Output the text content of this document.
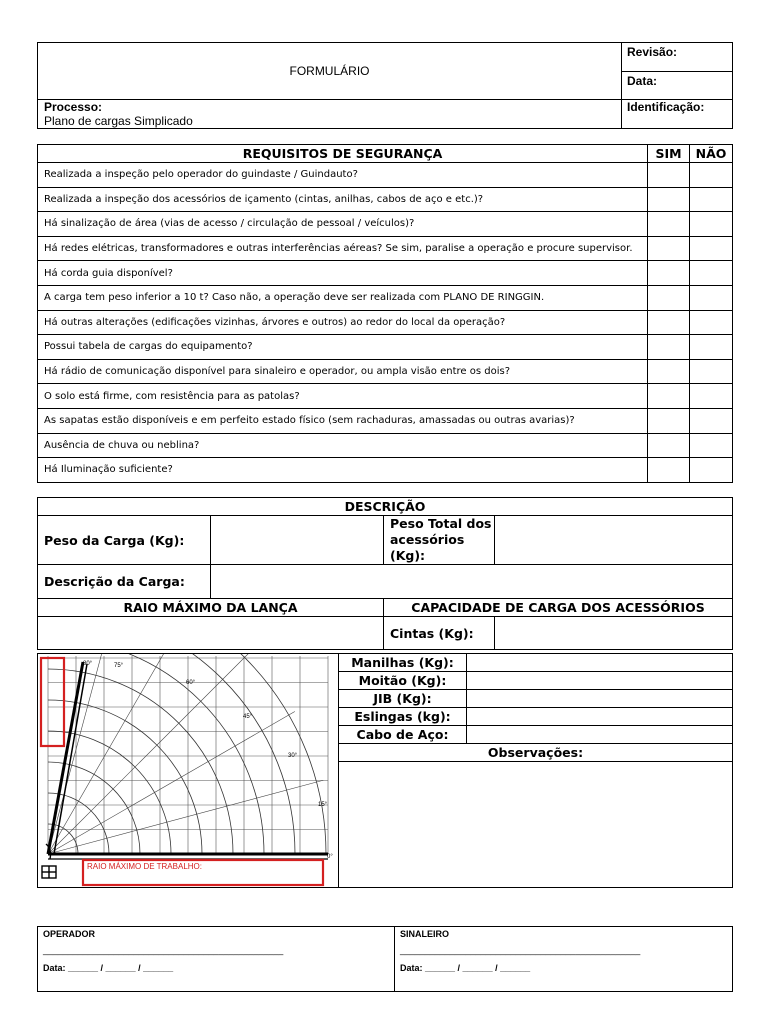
FORMULÁRIO	Revisão:
	Data:

Processo:
Plano de cargas Simplicado	Identificação:
REQUISITOS DE SEGURANÇA	SIM	NÃO
Realizada a inspeção pelo operador do guindaste / Guindauto?		
Realizada a inspeção dos acessórios de içamento (cintas, anilhas, cabos de aço e etc.)?		
Há sinalização de área (vias de acesso / circulação de pessoal / veículos)?		
Há redes elétricas, transformadores e outras interferências aéreas? Se sim, paralise a operação e procure supervisor.		
Há corda guia disponível?		
A carga tem peso inferior a 10 t? Caso não, a operação deve ser realizada com PLANO DE RINGGIN.		
Há outras alterações (edificações vizinhas, árvores e outros) ao redor do local da operação?		
Possui tabela de cargas do equipamento?		
Há rádio de comunicação disponível para sinaleiro e operador, ou ampla visão entre os dois?		
O solo está firme, com resistência para as patolas?		
As sapatas estão disponíveis e em perfeito estado físico (sem rachaduras, amassadas ou outras avarias)?		
Ausência de chuva ou neblina?		
Há Iluminação suficiente?		
DESCRIÇÃO			
Peso da Carga (Kg):		Peso Total dos acessórios (Kg):	
Descrição da Carga:			
RAIO MÁXIMO DA LANÇA		CAPACIDADE DE CARGA DOS ACESSÓRIOS	
		Cintas (Kg):	
80°	75°
60°
45°
30°
15°
0°
RAIO MÁXIMO DE TRABALHO:
Manilhas (Kg):	
Moitão (Kg):	
JIB (Kg):	
Eslingas (kg):	
Cabo de Aço:	
Observações:	

OPERADOR
________________________________________________
Data: ______ / ______ / ______

SINALEIRO
________________________________________________
Data: ______ / ______ / ______
